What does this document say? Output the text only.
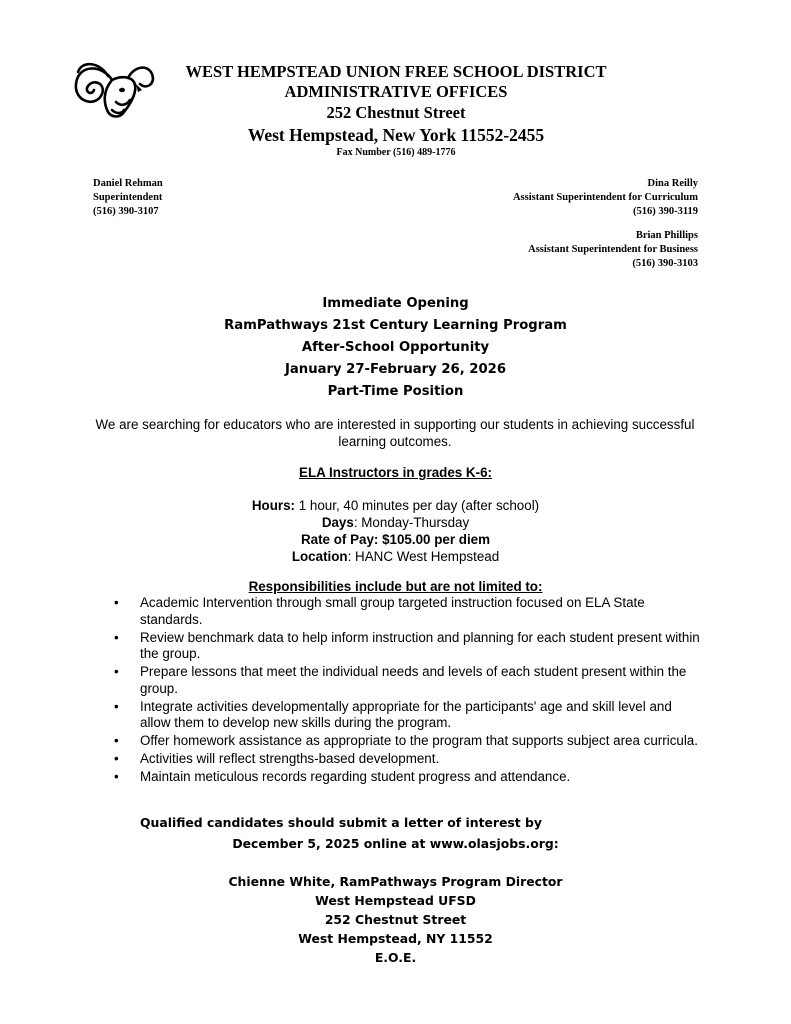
WEST HEMPSTEAD UNION FREE SCHOOL DISTRICT
ADMINISTRATIVE OFFICES
252 Chestnut Street
West Hempstead, New York 11552-2455
Fax Number (516) 489-1776
Daniel Rehman
Superintendent
(516) 390-3107
Dina Reilly
Assistant Superintendent for Curriculum
(516) 390-3119
Brian Phillips
Assistant Superintendent for Business
(516) 390-3103
Immediate Opening
RamPathways 21st Century Learning Program
After-School Opportunity
January 27-February 26, 2026
Part-Time Position
We are searching for educators who are interested in supporting our students in achieving successful learning outcomes.
ELA Instructors in grades K-6:
Hours: 1 hour, 40 minutes per day (after school)
Days: Monday-Thursday
Rate of Pay: $105.00 per diem
Location: HANC West Hempstead
Responsibilities include but are not limited to:
• Academic Intervention through small group targeted instruction focused on ELA State standards.
• Review benchmark data to help inform instruction and planning for each student present within the group.
• Prepare lessons that meet the individual needs and levels of each student present within the group.
• Integrate activities developmentally appropriate for the participants' age and skill level and allow them to develop new skills during the program.
• Offer homework assistance as appropriate to the program that supports subject area curricula.
• Activities will reflect strengths-based development.
• Maintain meticulous records regarding student progress and attendance.
Qualified candidates should submit a letter of interest by
December 5, 2025 online at www.olasjobs.org:
Chienne White, RamPathways Program Director
West Hempstead UFSD
252 Chestnut Street
West Hempstead, NY 11552
E.O.E.
